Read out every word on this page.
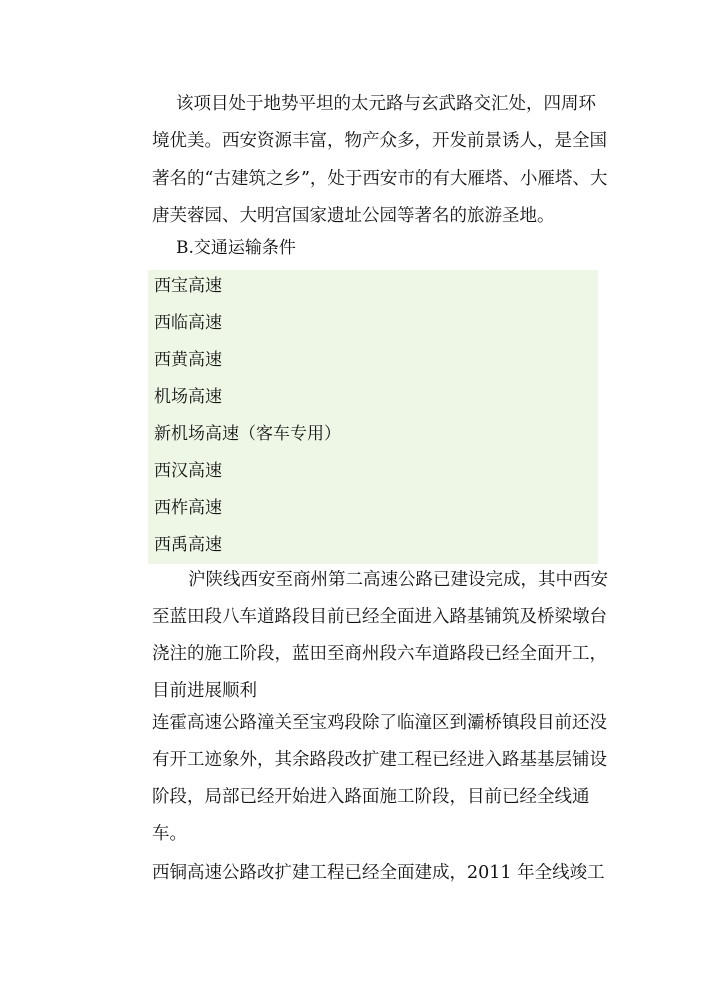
该项目处于地势平坦的太元路与玄武路交汇处，四周环境优美。西安资源丰富，物产众多，开发前景诱人，是全国著名的“古建筑之乡”，处于西安市的有大雁塔、小雁塔、大唐芙蓉园、大明宫国家遗址公园等著名的旅游圣地。
B.交通运输条件
西宝高速
西临高速
西黄高速
机场高速
新机场高速（客车专用）
西汉高速
西柞高速
西禹高速
沪陕线西安至商州第二高速公路已建设完成，其中西安至蓝田段八车道路段目前已经全面进入路基铺筑及桥梁墩台浇注的施工阶段，蓝田至商州段六车道路段已经全面开工，目前进展顺利
连霍高速公路潼关至宝鸡段除了临潼区到灞桥镇段目前还没有开工迹象外，其余路段改扩建工程已经进入路基基层铺设阶段，局部已经开始进入路面施工阶段，目前已经全线通车。
西铜高速公路改扩建工程已经全面建成，2011 年全线竣工
